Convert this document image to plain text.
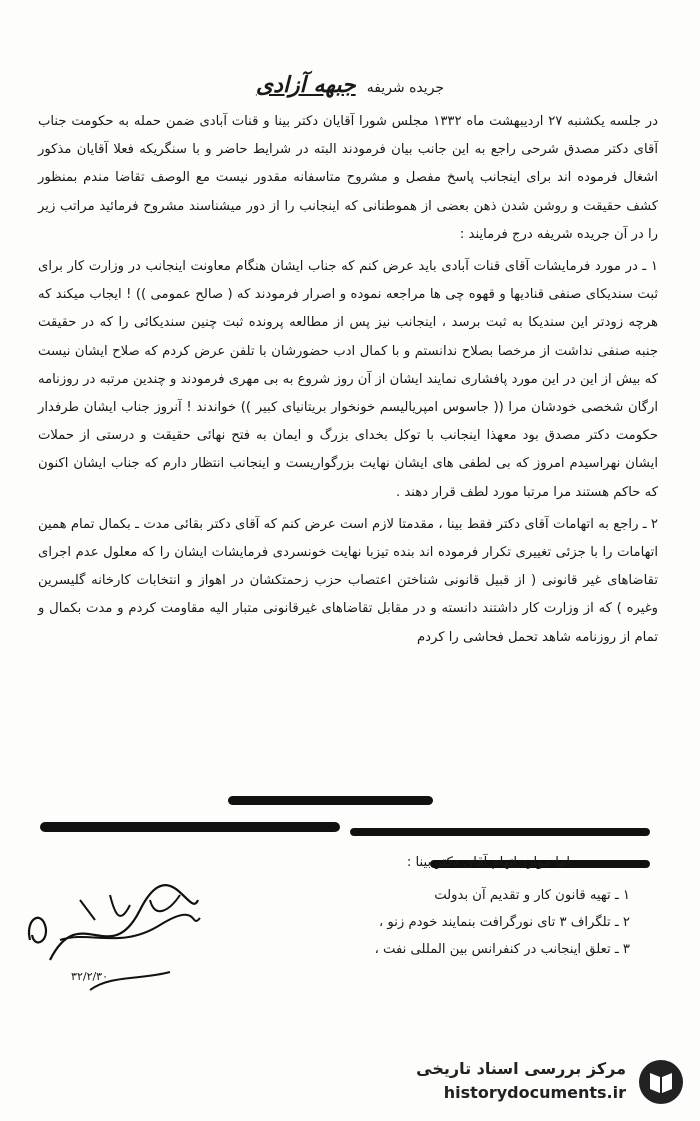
جریده شریفه جبهه آزادی

در جلسه یکشنبه ۲۷ اردیبهشت ماه ۱۳۳۲ مجلس شورا آقایان دکتر بینا و قنات آبادی ضمن حمله به حکومت جناب آقای دکتر مصدق شرحی راجع به این جانب بیان فرمودند البته در شرایط حاضر و با سنگریکه فعلا آقایان مذکور اشغال فرموده اند برای اینجانب پاسخ مفصل و مشروح متاسفانه مقدور نیست مع الوصف تقاضا مندم بمنظور کشف حقیقت و روشن شدن ذهن بعضی از هموطنانی که اینجانب را از دور میشناسند مشروح فرمائید مراتب زیر را در آن جریده شریفه درج فرمایند :

۱ ـ در مورد فرمایشات آقای قنات آبادی باید عرض کنم که جناب ایشان هنگام معاونت اینجانب در وزارت کار برای ثبت سندیکای صنفی قنادیها و قهوه چی ها مراجعه نموده و اصرار فرمودند که ( صالح عمومی )) ! ایجاب میکند که هرچه زودتر این سندیکا به ثبت برسد ، اینجانب نیز پس از مطالعه پرونده ثبت چنین سندیکائی را که در حقیقت جنبه صنفی نداشت از مرخصا بصلاح ندانستم و با کمال ادب حضورشان با تلفن عرض کردم که صلاح ایشان نیست که بیش از این در این مورد پافشاری نمایند ایشان از آن روز شروع به بی مهری فرمودند و چندین مرتبه در روزنامه ارگان شخصی خودشان مرا (( جاسوس امپریالیسم خونخوار بریتانیای کبیر )) خواندند ! آنروز جناب ایشان طرفدار حکومت دکتر مصدق بود معهذا اینجانب با توکل بخدای بزرگ و ایمان به فتح نهائی حقیقت و درستی از حملات ایشان نهراسیدم امروز که بی لطفی های ایشان نهایت بزرگواریست و اینجانب انتظار دارم که جناب ایشان اکنون که حاکم هستند مرا مرتبا مورد لطف قرار دهند .

۲ ـ راجع به اتهامات آقای دکتر فقط بینا ، مقدمتا لازم است عرض کنم که آقای دکتر بقائی مدت ـ بکمال تمام همین اتهامات را با جزئی تغییری تکرار فرموده اند بنده تیزبا نهایت خونسردی فرمایشات ایشان را که معلول عدم اجرای تقاضاهای غیر قانونی ( از قبیل قانونی شناختن اعتصاب حزب زحمتکشان در اهواز و انتخابات کارخانه گلیسرین وغیره ) که از وزارت کار داشتند دانسته و در مقابل تقاضاهای غیرقانونی متبار الیه مقاومت کردم و مدت بکمال و تمام از روزنامه شاهد تحمل فحاشی را کردم

اما موارد اتهام آقای دکتر بینا :
۱ ـ تهیه قانون کار و تقدیم آن بدولت
۲ ـ تلگراف ۳ تای نورگرافت بنمایند خودم زنو ،
۳ ـ تعلق اینجانب در کنفرانس بین المللی نفت ،
۳۲/۲/۳۰
مرکز بررسی اسناد تاریخی
historydocuments.ir
